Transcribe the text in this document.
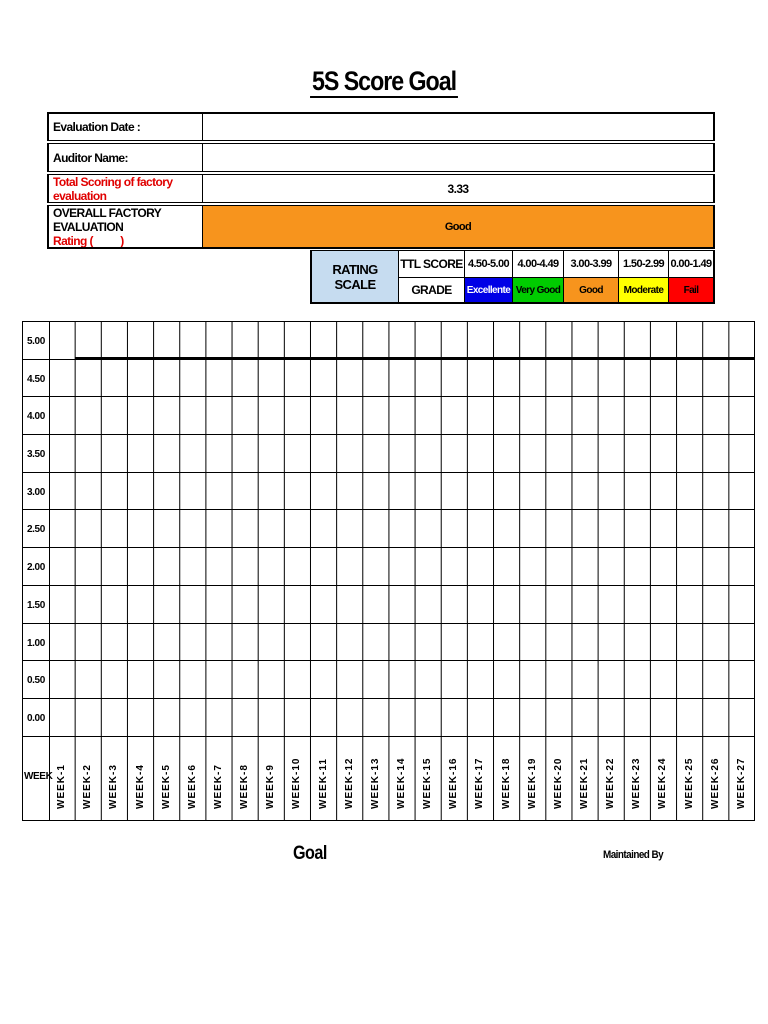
5S Score Goal
Evaluation Date :
Auditor Name:
Total Scoring of factory evaluation	3.33
OVERALL FACTORY EVALUATION
Rating (          )
Good
RATING SCALE
TTL SCORE
GRADE
4.50-5.00
Excellente
4.00-4.49
Very Good
3.00-3.99
Good
1.50-2.99
Moderate
0.00-1.49
Fail
WEEK
5.00
4.50
4.00
3.50
3.00
2.50
2.00
1.50
1.00
0.50
0.00
WEEK-1 WEEK-2 WEEK-3 WEEK-4 WEEK-5 WEEK-6 WEEK-7 WEEK-8 WEEK-9 WEEK-10 WEEK-11 WEEK-12 WEEK-13 WEEK-14 WEEK-15 WEEK-16 WEEK-17 WEEK-18 WEEK-19 WEEK-20 WEEK-21 WEEK-22 WEEK-23 WEEK-24 WEEK-25 WEEK-26 WEEK-27
Goal	Maintained By
